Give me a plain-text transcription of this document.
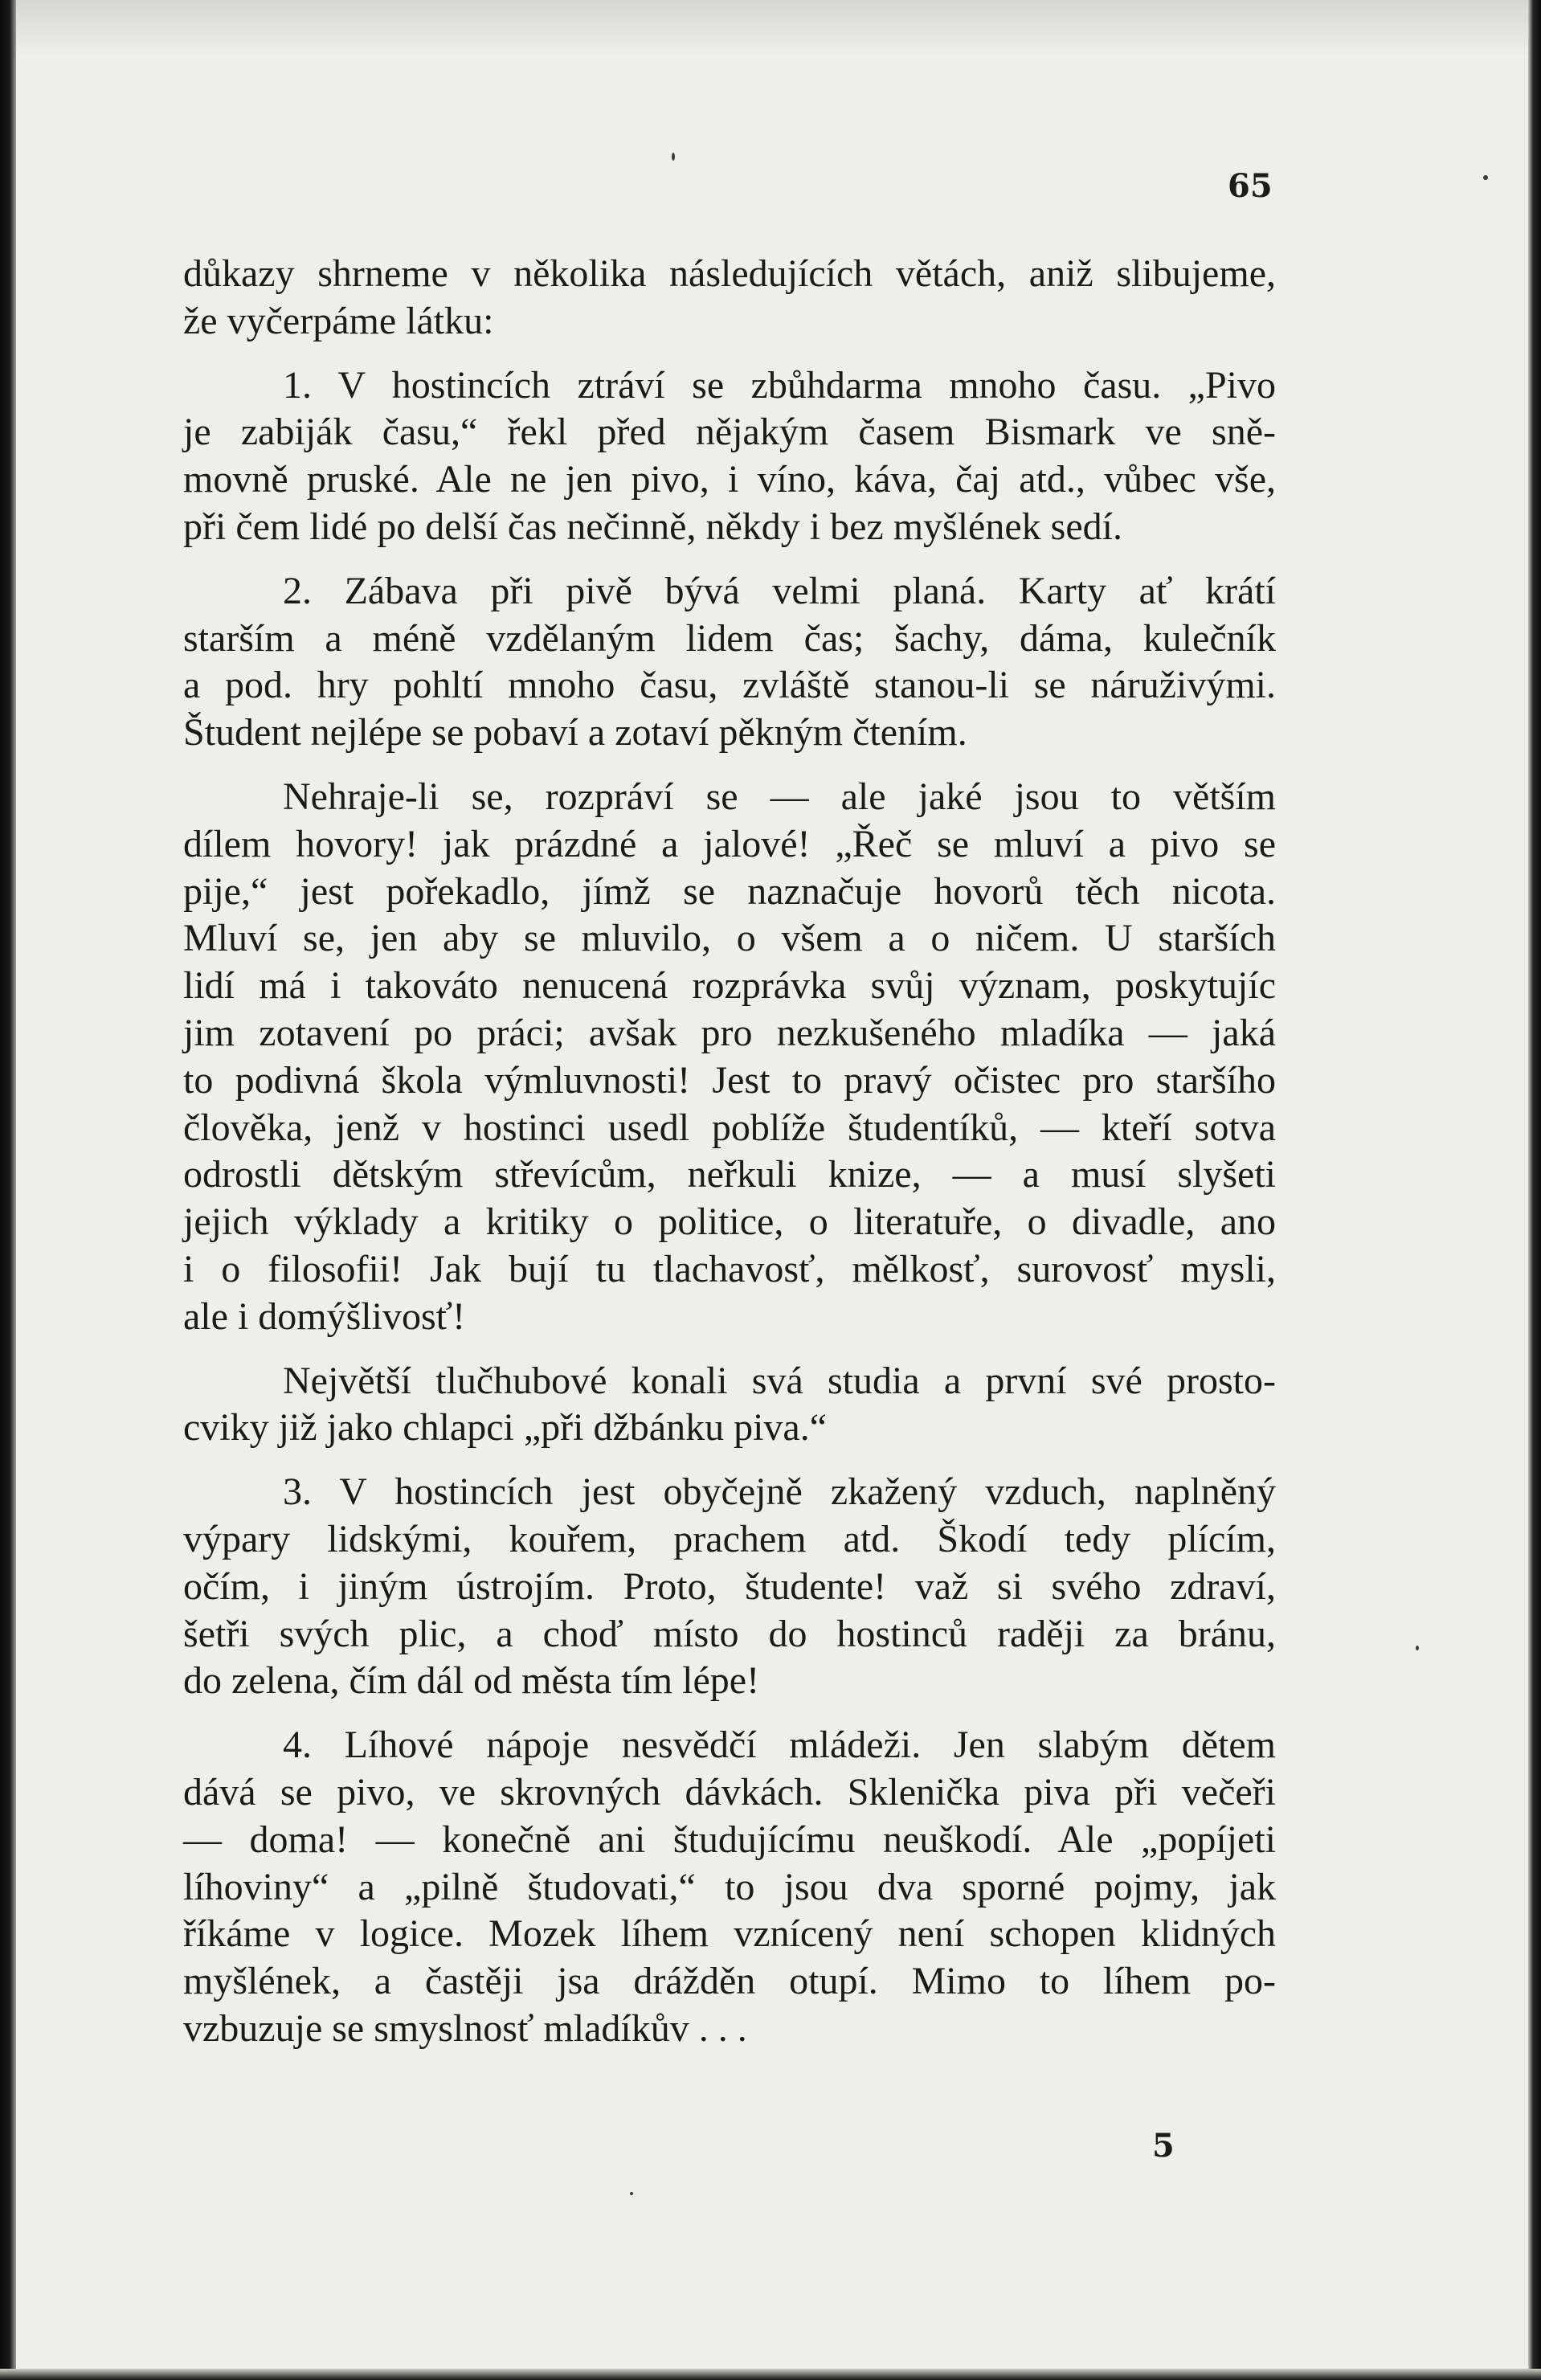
65
důkazy shrneme v několika následujících větách, aniž slibujeme,
že vyčerpáme látku:
1. V hostincích ztráví se zbůhdarma mnoho času. „Pivo
je zabiják času,“ řekl před nějakým časem Bismark ve sně-
movně pruské. Ale ne jen pivo, i víno, káva, čaj atd., vůbec vše,
při čem lidé po delší čas nečinně, někdy i bez myšlének sedí.
2. Zábava při pivě bývá velmi planá. Karty ať krátí
starším a méně vzdělaným lidem čas; šachy, dáma, kulečník
a pod. hry pohltí mnoho času, zvláště stanou-li se náruživými.
Študent nejlépe se pobaví a zotaví pěkným čtením.
Nehraje-li se, rozpráví se — ale jaké jsou to větším
dílem hovory! jak prázdné a jalové! „Řeč se mluví a pivo se
pije,“ jest pořekadlo, jímž se naznačuje hovorů těch nicota.
Mluví se, jen aby se mluvilo, o všem a o ničem. U starších
lidí má i takováto nenucená rozprávka svůj význam, poskytujíc
jim zotavení po práci; avšak pro nezkušeného mladíka — jaká
to podivná škola výmluvnosti! Jest to pravý očistec pro staršího
člověka, jenž v hostinci usedl poblíže študentíků, — kteří sotva
odrostli dětským střevícům, neřkuli knize, — a musí slyšeti
jejich výklady a kritiky o politice, o literatuře, o divadle, ano
i o filosofii! Jak bují tu tlachavosť, mělkosť, surovosť mysli,
ale i domýšlivosť!
Největší tlučhubové konali svá studia a první své prosto-
cviky již jako chlapci „při džbánku piva.“
3. V hostincích jest obyčejně zkažený vzduch, naplněný
výpary lidskými, kouřem, prachem atd. Škodí tedy plícím,
očím, i jiným ústrojím. Proto, študente! važ si svého zdraví,
šetři svých plic, a choď místo do hostinců raději za bránu,
do zelena, čím dál od města tím lépe!
4. Líhové nápoje nesvědčí mládeži. Jen slabým dětem
dává se pivo, ve skrovných dávkách. Sklenička piva při večeři
— doma! — konečně ani študujícímu neuškodí. Ale „popíjeti
líhoviny“ a „pilně študovati,“ to jsou dva sporné pojmy, jak
říkáme v logice. Mozek líhem vznícený není schopen klidných
myšlének, a častěji jsa drážděn otupí. Mimo to líhem po-
vzbuzuje se smyslnosť mladíkův . . .
5
